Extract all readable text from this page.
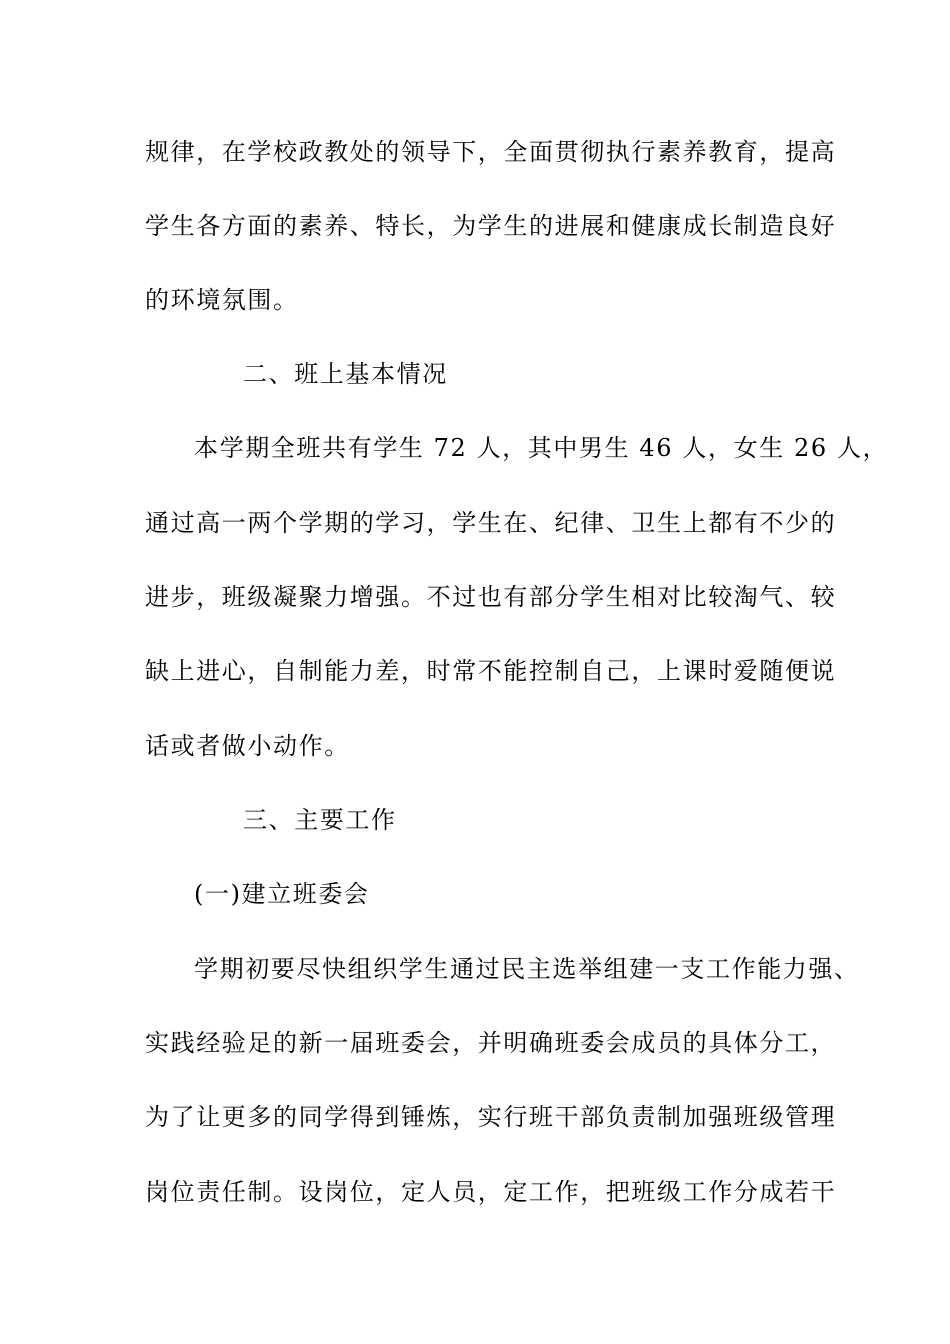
规律，在学校政教处的领导下，全面贯彻执行素养教育，提高
学生各方面的素养、特长，为学生的进展和健康成长制造良好
的环境氛围。
二、班上基本情况
本学期全班共有学生 72 人，其中男生 46 人，女生 26 人，
通过高一两个学期的学习，学生在、纪律、卫生上都有不少的
进步，班级凝聚力增强。不过也有部分学生相对比较淘气、较
缺上进心，自制能力差，时常不能控制自己，上课时爱随便说
话或者做小动作。
三、主要工作
(一)建立班委会
学期初要尽快组织学生通过民主选举组建一支工作能力强、
实践经验足的新一届班委会，并明确班委会成员的具体分工，
为了让更多的同学得到锤炼，实行班干部负责制加强班级管理
岗位责任制。设岗位，定人员，定工作，把班级工作分成若干
